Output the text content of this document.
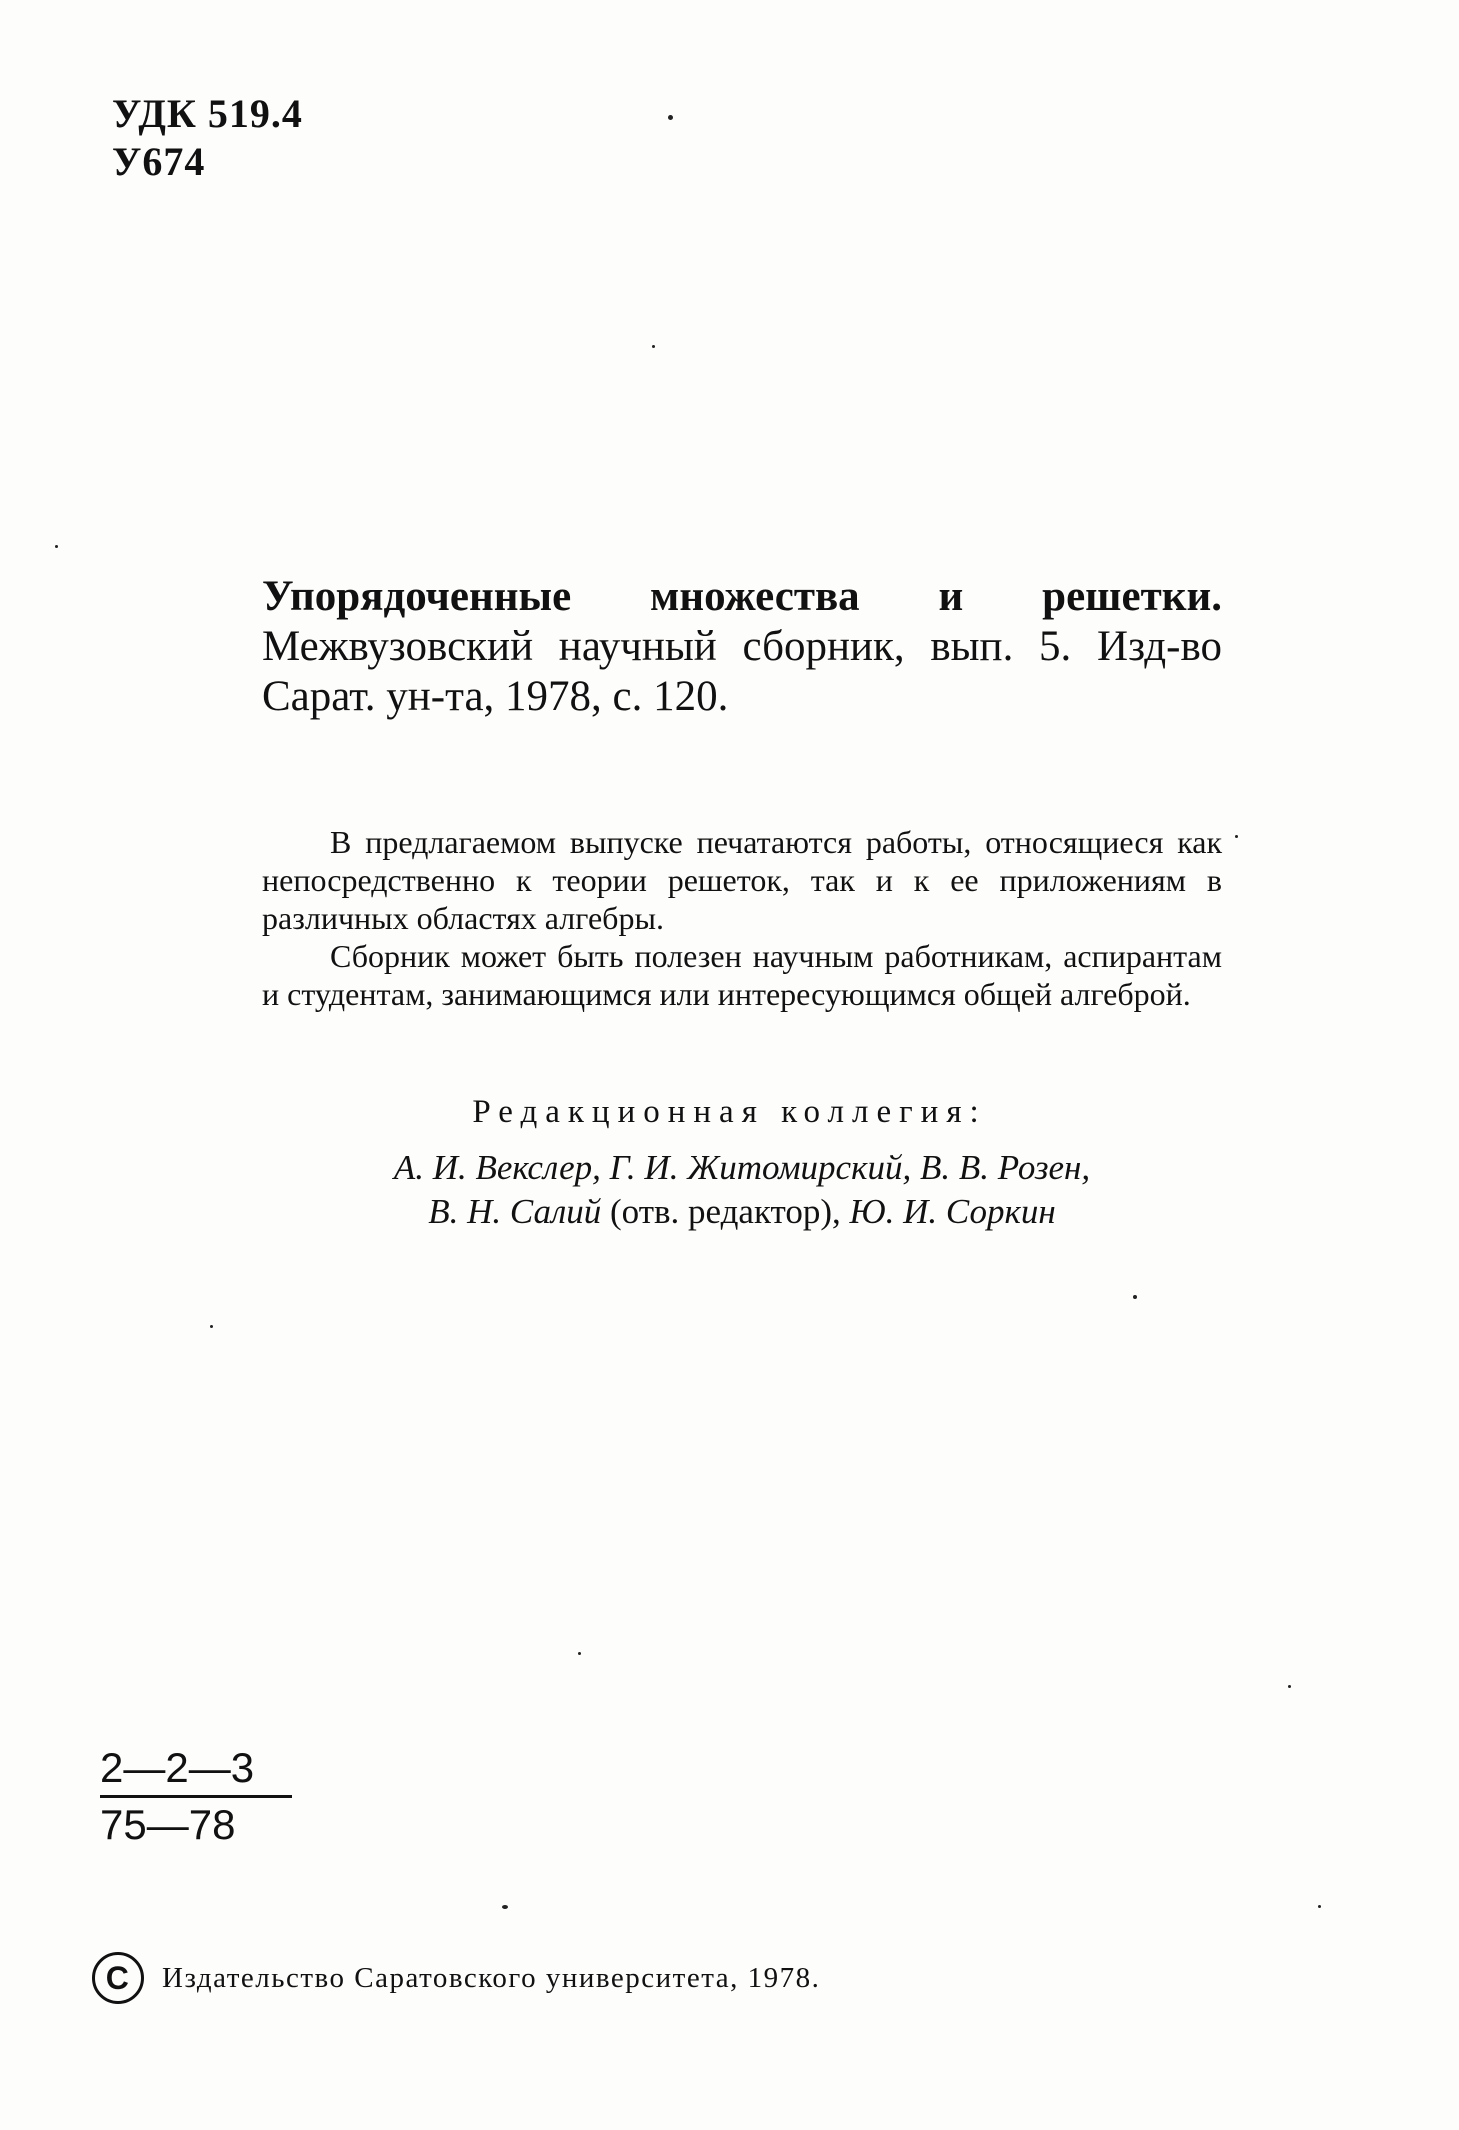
УДК 519.4
У674
Упорядоченные множества и решетки. Межвузовский научный сборник, вып. 5. Изд-во Сарат. ун-та, 1978, с. 120.

В предлагаемом выпуске печатаются работы, относящиеся как непосредственно к теории решеток, так и к ее приложениям в различных областях алгебры.

Сборник может быть полезен научным работникам, аспирантам и студентам, занимающимся или интересующимся общей алгеброй.

Редакционная коллегия:
А. И. Векслер, Г. И. Житомирский, В. В. Розен,
В. Н. Салий (отв. редактор), Ю. И. Соркин
$\frac{2—2—3}{75—78}$
C	Издательство Саратовского университета, 1978.
